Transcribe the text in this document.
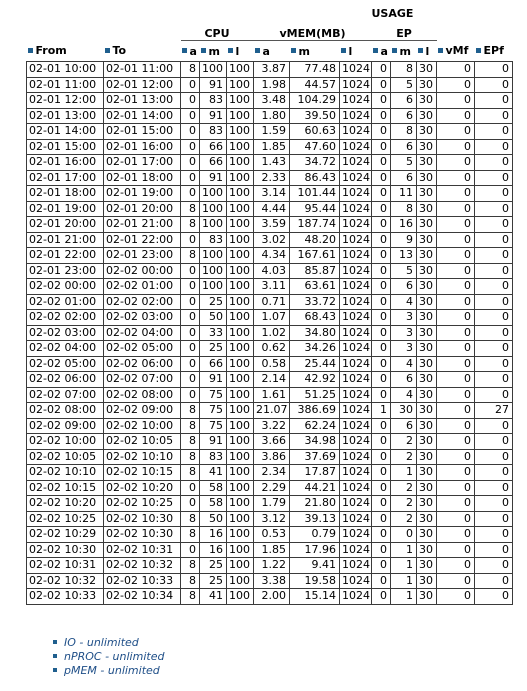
								USAGE				
		CPU			vMEM(MB)			EP				
From	To	a	m	l	a	m	l	a	m	l	vMf	EPf
02-01 10:00	02-01 11:00	8	100	100	3.87	77.48	1024	0	8	30	0	0
02-01 11:00	02-01 12:00	0	91	100	1.98	44.57	1024	0	5	30	0	0
02-01 12:00	02-01 13:00	0	83	100	3.48	104.29	1024	0	6	30	0	0
02-01 13:00	02-01 14:00	0	91	100	1.80	39.50	1024	0	6	30	0	0
02-01 14:00	02-01 15:00	0	83	100	1.59	60.63	1024	0	8	30	0	0
02-01 15:00	02-01 16:00	0	66	100	1.85	47.60	1024	0	6	30	0	0
02-01 16:00	02-01 17:00	0	66	100	1.43	34.72	1024	0	5	30	0	0
02-01 17:00	02-01 18:00	0	91	100	2.33	86.43	1024	0	6	30	0	0
02-01 18:00	02-01 19:00	0	100	100	3.14	101.44	1024	0	11	30	0	0
02-01 19:00	02-01 20:00	8	100	100	4.44	95.44	1024	0	8	30	0	0
02-01 20:00	02-01 21:00	8	100	100	3.59	187.74	1024	0	16	30	0	0
02-01 21:00	02-01 22:00	0	83	100	3.02	48.20	1024	0	9	30	0	0
02-01 22:00	02-01 23:00	8	100	100	4.34	167.61	1024	0	13	30	0	0
02-01 23:00	02-02 00:00	0	100	100	4.03	85.87	1024	0	5	30	0	0
02-02 00:00	02-02 01:00	0	100	100	3.11	63.61	1024	0	6	30	0	0
02-02 01:00	02-02 02:00	0	25	100	0.71	33.72	1024	0	4	30	0	0
02-02 02:00	02-02 03:00	0	50	100	1.07	68.43	1024	0	3	30	0	0
02-02 03:00	02-02 04:00	0	33	100	1.02	34.80	1024	0	3	30	0	0
02-02 04:00	02-02 05:00	0	25	100	0.62	34.26	1024	0	3	30	0	0
02-02 05:00	02-02 06:00	0	66	100	0.58	25.44	1024	0	4	30	0	0
02-02 06:00	02-02 07:00	0	91	100	2.14	42.92	1024	0	6	30	0	0
02-02 07:00	02-02 08:00	0	75	100	1.61	51.25	1024	0	4	30	0	0
02-02 08:00	02-02 09:00	8	75	100	21.07	386.69	1024	1	30	30	0	27
02-02 09:00	02-02 10:00	8	75	100	3.22	62.24	1024	0	6	30	0	0
02-02 10:00	02-02 10:05	8	91	100	3.66	34.98	1024	0	2	30	0	0
02-02 10:05	02-02 10:10	8	83	100	3.86	37.69	1024	0	2	30	0	0
02-02 10:10	02-02 10:15	8	41	100	2.34	17.87	1024	0	1	30	0	0
02-02 10:15	02-02 10:20	0	58	100	2.29	44.21	1024	0	2	30	0	0
02-02 10:20	02-02 10:25	0	58	100	1.79	21.80	1024	0	2	30	0	0
02-02 10:25	02-02 10:30	8	50	100	3.12	39.13	1024	0	2	30	0	0
02-02 10:29	02-02 10:30	8	16	100	0.53	0.79	1024	0	0	30	0	0
02-02 10:30	02-02 10:31	0	16	100	1.85	17.96	1024	0	1	30	0	0
02-02 10:31	02-02 10:32	8	25	100	1.22	9.41	1024	0	1	30	0	0
02-02 10:32	02-02 10:33	8	25	100	3.38	19.58	1024	0	1	30	0	0
02-02 10:33	02-02 10:34	8	41	100	2.00	15.14	1024	0	1	30	0	0
IO - unlimited
nPROC - unlimited
pMEM - unlimited
